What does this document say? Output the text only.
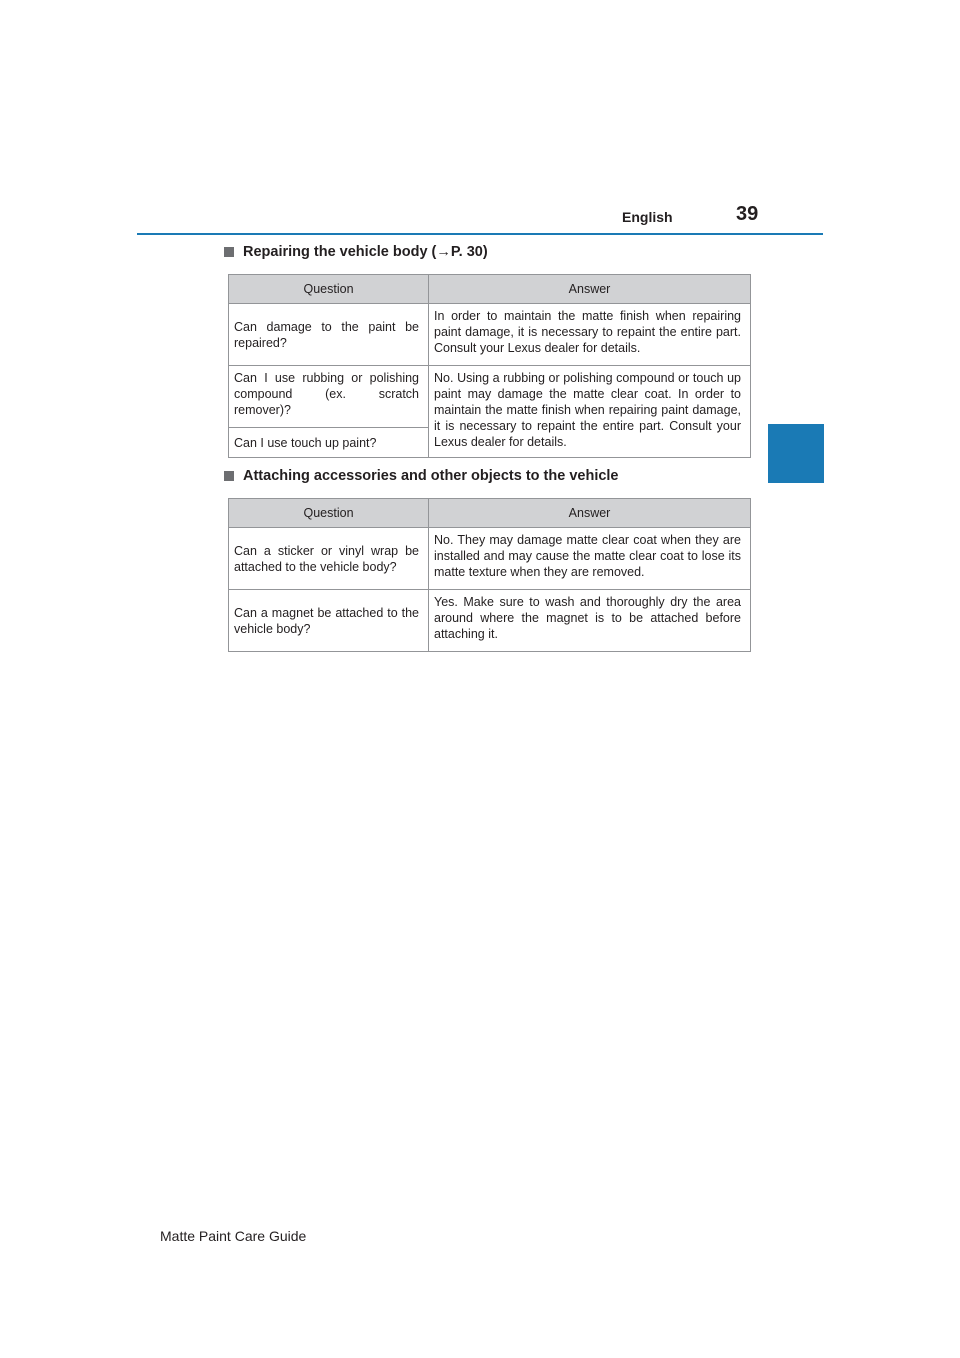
English	39
Repairing the vehicle body (→P. 30)
Question	Answer
Can damage to the paint be repaired?	In order to maintain the matte finish when repairing paint damage, it is necessary to repaint the entire part. Consult your Lexus dealer for details.
Can I use rubbing or polishing compound (ex. scratch remover)?	No. Using a rubbing or polishing compound or touch up paint may damage the matte clear coat. In order to maintain the matte finish when repairing paint damage, it is necessary to repaint the entire part. Consult your Lexus dealer for details.
Can I use touch up paint?	
Attaching accessories and other objects to the vehicle
Question	Answer
Can a sticker or vinyl wrap be attached to the vehicle body?	No. They may damage matte clear coat when they are installed and may cause the matte clear coat to lose its matte texture when they are removed.
Can a magnet be attached to the vehicle body?	Yes. Make sure to wash and thoroughly dry the area around where the magnet is to be attached before attaching it.
Matte Paint Care Guide
